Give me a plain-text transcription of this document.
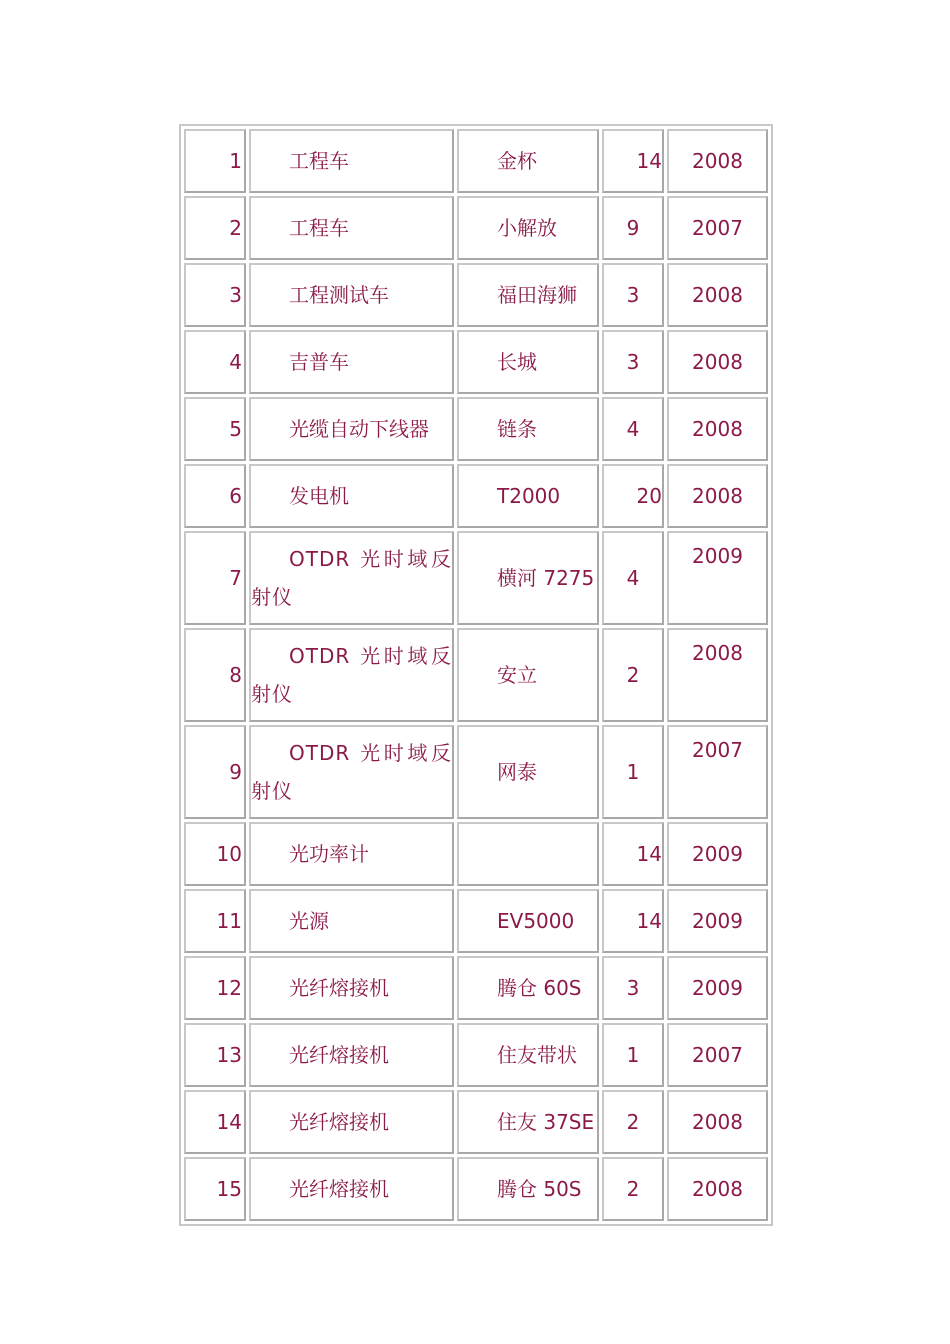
1	工程车	金杯	14	2008
2	工程车	小解放	9	2007
3	工程测试车	福田海狮	3	2008
4	吉普车	长城	3	2008
5	光缆自动下线器	链条	4	2008
6	发电机	T2000	20	2008
7	OTDR 光时域反射仪	横河 7275	4	2009
8	OTDR 光时域反射仪	安立	2	2008
9	OTDR 光时域反射仪	网泰	1	2007
10	光功率计		14	2009
11	光源	EV5000	14	2009
12	光纤熔接机	腾仓 60S	3	2009
13	光纤熔接机	住友带状	1	2007
14	光纤熔接机	住友 37SE	2	2008
15	光纤熔接机	腾仓 50S	2	2008
